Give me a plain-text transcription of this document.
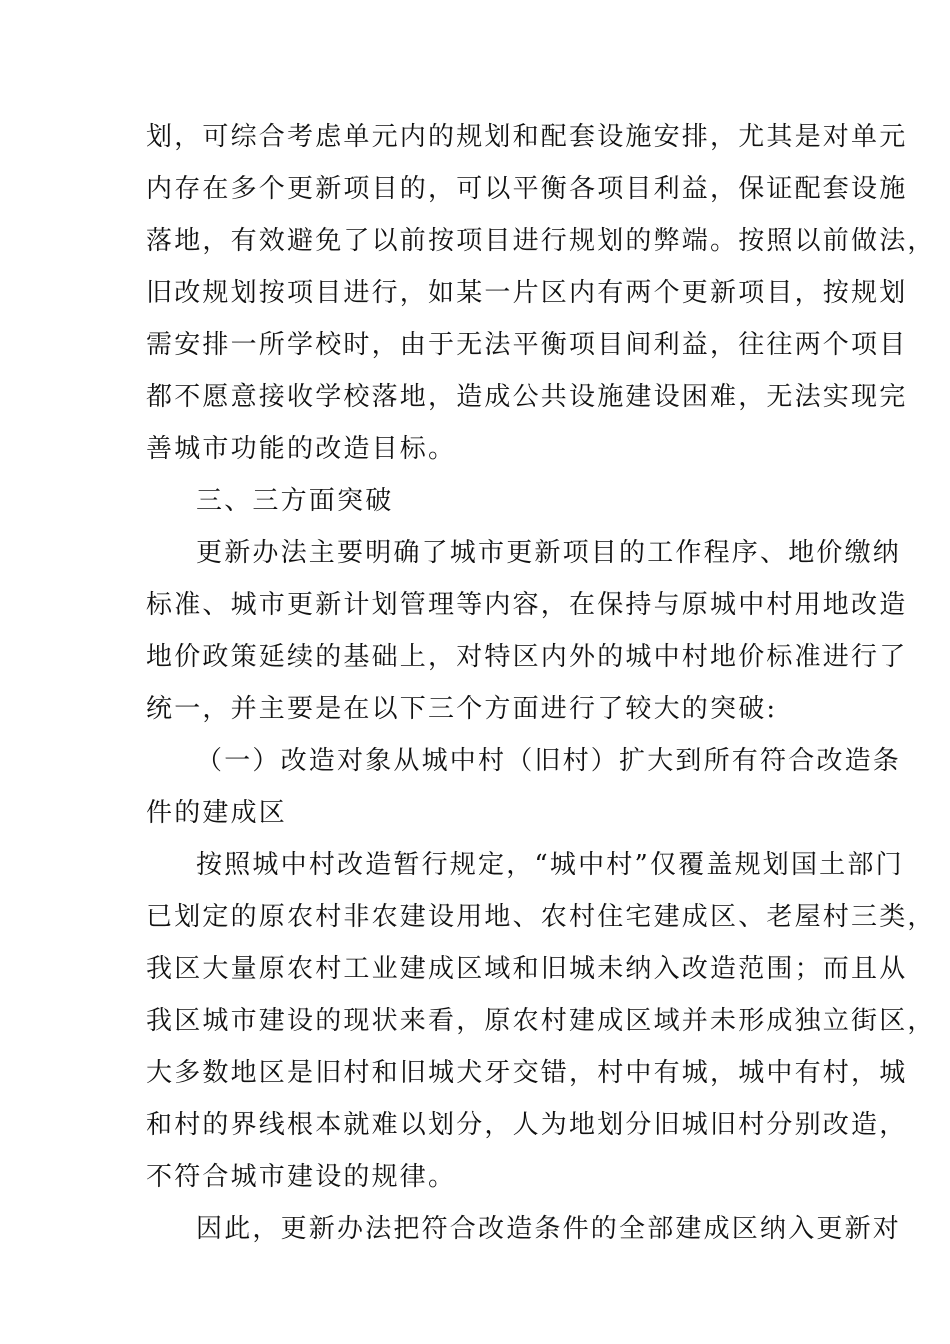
划，可综合考虑单元内的规划和配套设施安排，尤其是对单元
内存在多个更新项目的，可以平衡各项目利益，保证配套设施
落地，有效避免了以前按项目进行规划的弊端。按照以前做法，
旧改规划按项目进行，如某一片区内有两个更新项目，按规划
需安排一所学校时，由于无法平衡项目间利益，往往两个项目
都不愿意接收学校落地，造成公共设施建设困难，无法实现完
善城市功能的改造目标。
三、三方面突破
更新办法主要明确了城市更新项目的工作程序、地价缴纳
标准、城市更新计划管理等内容，在保持与原城中村用地改造
地价政策延续的基础上，对特区内外的城中村地价标准进行了
统一，并主要是在以下三个方面进行了较大的突破:
（一）改造对象从城中村（旧村）扩大到所有符合改造条
件的建成区
按照城中村改造暂行规定，“城中村”仅覆盖规划国土部门
已划定的原农村非农建设用地、农村住宅建成区、老屋村三类，
我区大量原农村工业建成区域和旧城未纳入改造范围；而且从
我区城市建设的现状来看，原农村建成区域并未形成独立街区，
大多数地区是旧村和旧城犬牙交错，村中有城，城中有村，城
和村的界线根本就难以划分，人为地划分旧城旧村分别改造，
不符合城市建设的规律。
因此，更新办法把符合改造条件的全部建成区纳入更新对
